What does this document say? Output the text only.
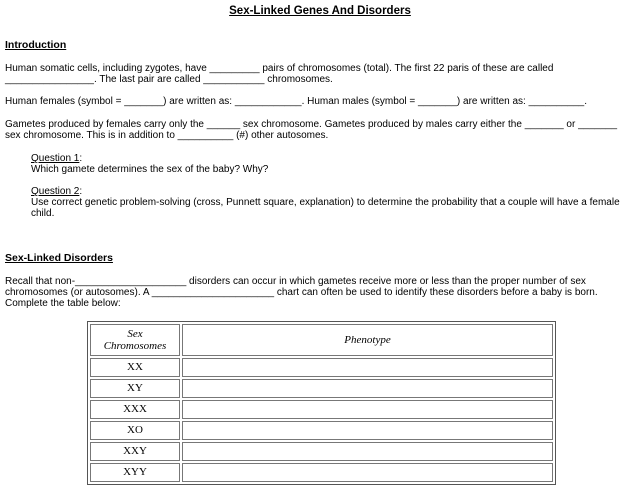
Sex-Linked Genes And Disorders
Introduction
Human somatic cells, including zygotes, have _________ pairs of chromosomes (total). The first 22 paris of these are called ________________. The last pair are called ___________ chromosomes.
Human females (symbol = _______) are written as: ____________. Human males (symbol = _______) are written as: __________.
Gametes produced by females carry only the ______ sex chromosome. Gametes produced by males carry either the _______ or _______ sex chromosome. This is in addition to __________ (#) other autosomes.
Question 1:
Which gamete determines the sex of the baby? Why?
Question 2:
Use correct genetic problem-solving (cross, Punnett square, explanation) to determine the probability that a couple will have a female child.
Sex-Linked Disorders
Recall that non-____________________ disorders can occur in which gametes receive more or less than the proper number of sex chromosomes (or autosomes). A ______________________ chart can often be used to identify these disorders before a baby is born. Complete the table below:
Sex
Chromosomes	Phenotype
XX	
XY	
XXX	
XO	
XXY	
XYY	
